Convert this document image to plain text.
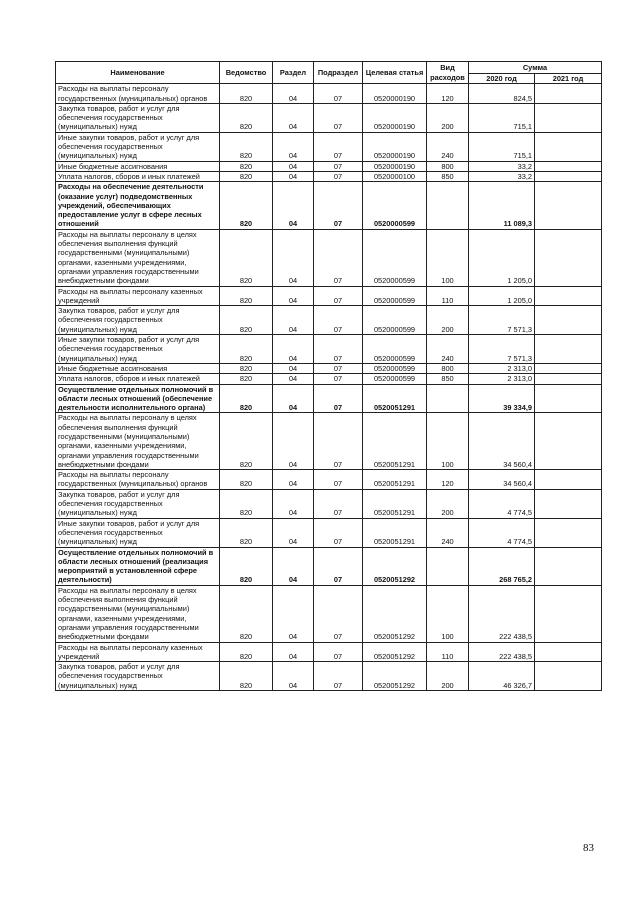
Наименование	Ведомство	Раздел	Подраздел	Целевая статья	Вид расходов	Сумма	
						2020 год	2021 год
Расходы на выплаты персоналу государственных (муниципальных) органов	820	04	07	0520000190	120	824,5	
Закупка товаров, работ и услуг для обеспечения государственных (муниципальных) нужд	820	04	07	0520000190	200	715,1	
Иные закупки товаров, работ и услуг для обеспечения государственных (муниципальных) нужд	820	04	07	0520000190	240	715,1	
Иные бюджетные ассигнования	820	04	07	0520000190	800	33,2	
Уплата налогов, сборов и иных платежей	820	04	07	0520000100	850	33,2	
Расходы на обеспечение деятельности (оказание услуг) подведомственных учреждений, обеспечивающих предоставление услуг в сфере лесных отношений	820	04	07	0520000599		11 089,3	
Расходы на выплаты персоналу в целях обеспечения выполнения функций государственными (муниципальными) органами, казенными учреждениями, органами управления государственными внебюджетными фондами	820	04	07	0520000599	100	1 205,0	
Расходы на выплаты персоналу казенных учреждений	820	04	07	0520000599	110	1 205,0	
Закупка товаров, работ и услуг для обеспечения государственных (муниципальных) нужд	820	04	07	0520000599	200	7 571,3	
Иные закупки товаров, работ и услуг для обеспечения государственных (муниципальных) нужд	820	04	07	0520000599	240	7 571,3	
Иные бюджетные ассигнования	820	04	07	0520000599	800	2 313,0	
Уплата налогов, сборов и иных платежей	820	04	07	0520000599	850	2 313,0	
Осуществление отдельных полномочий в области лесных отношений (обеспечение деятельности исполнительного органа)	820	04	07	0520051291		39 334,9	
Расходы на выплаты персоналу в целях обеспечения выполнения функций государственными (муниципальными) органами, казенными учреждениями, органами управления государственными внебюджетными фондами	820	04	07	0520051291	100	34 560,4	
Расходы на выплаты персоналу государственных (муниципальных) органов	820	04	07	0520051291	120	34 560,4	
Закупка товаров, работ и услуг для обеспечения государственных (муниципальных) нужд	820	04	07	0520051291	200	4 774,5	
Иные закупки товаров, работ и услуг для обеспечения государственных (муниципальных) нужд	820	04	07	0520051291	240	4 774,5	
Осуществление отдельных полномочий в области лесных отношений (реализация мероприятий в установленной сфере деятельности)	820	04	07	0520051292		268 765,2	
Расходы на выплаты персоналу в целях обеспечения выполнения функций государственными (муниципальными) органами, казенными учреждениями, органами управления государственными внебюджетными фондами	820	04	07	0520051292	100	222 438,5	
Расходы на выплаты персоналу казенных учреждений	820	04	07	0520051292	110	222 438,5	
Закупка товаров, работ и услуг для обеспечения государственных (муниципальных) нужд	820	04	07	0520051292	200	46 326,7	
83
